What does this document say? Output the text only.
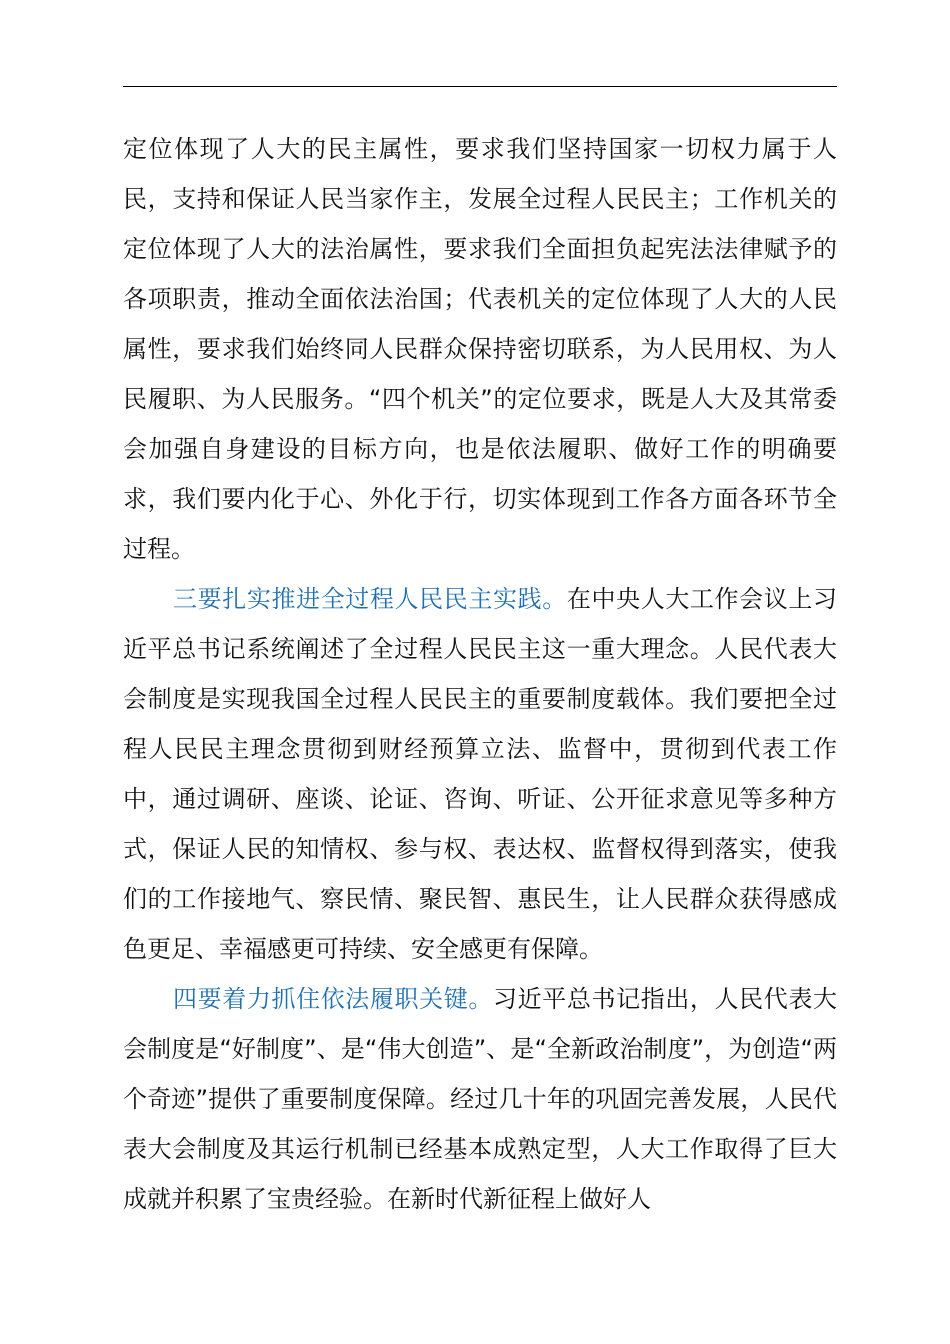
定位体现了人大的民主属性，要求我们坚持国家一切权力属于人民，支持和保证人民当家作主，发展全过程人民民主；工作机关的定位体现了人大的法治属性，要求我们全面担负起宪法法律赋予的各项职责，推动全面依法治国；代表机关的定位体现了人大的人民属性，要求我们始终同人民群众保持密切联系，为人民用权、为人民履职、为人民服务。“四个机关”的定位要求，既是人大及其常委会加强自身建设的目标方向，也是依法履职、做好工作的明确要求，我们要内化于心、外化于行，切实体现到工作各方面各环节全过程。

三要扎实推进全过程人民民主实践。在中央人大工作会议上习近平总书记系统阐述了全过程人民民主这一重大理念。人民代表大会制度是实现我国全过程人民民主的重要制度载体。我们要把全过程人民民主理念贯彻到财经预算立法、监督中，贯彻到代表工作中，通过调研、座谈、论证、咨询、听证、公开征求意见等多种方式，保证人民的知情权、参与权、表达权、监督权得到落实，使我们的工作接地气、察民情、聚民智、惠民生，让人民群众获得感成色更足、幸福感更可持续、安全感更有保障。

四要着力抓住依法履职关键。习近平总书记指出，人民代表大会制度是“好制度”、是“伟大创造”、是“全新政治制度”，为创造“两个奇迹”提供了重要制度保障。经过几十年的巩固完善发展，人民代表大会制度及其运行机制已经基本成熟定型，人大工作取得了巨大成就并积累了宝贵经验。在新时代新征程上做好人
